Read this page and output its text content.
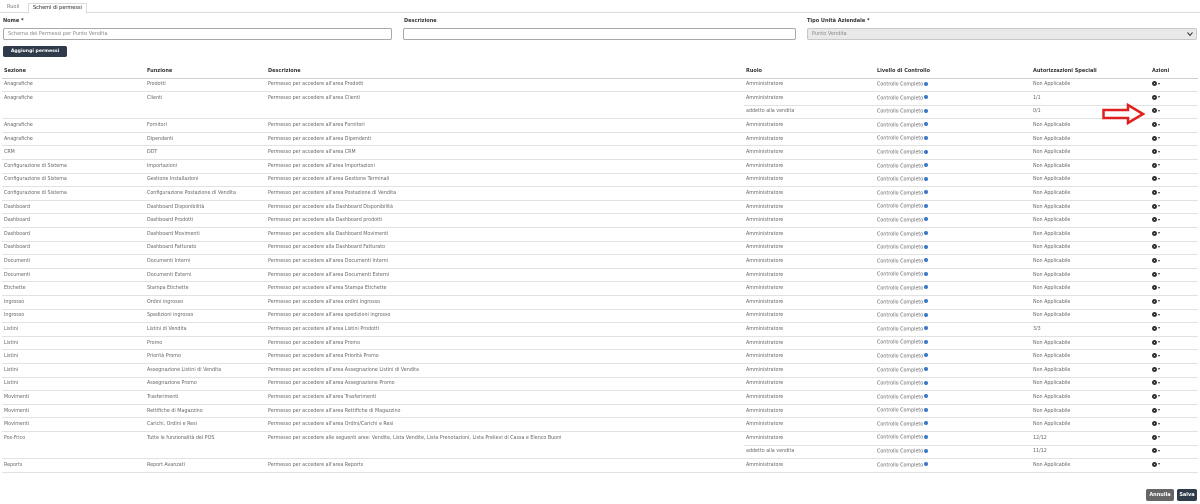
Ruoli	Schemi di permessi
Nome *
Schema dei Permessi per Punto Vendita	Descrizione	Tipo Unità Aziendale *
Punto Vendita
Aggiungi permessi standard
Sezione	Funzione	Descrizione	Ruolo	Livello di Controllo	Autorizzazioni Speciali	Azioni
Anagrafiche	Prodotti	Permesso per accedere all'area Prodotti	Amministratore	Controllo Completo	Non Applicabile	

Anagrafiche	Clienti	Permesso per accedere all'area Clienti	Amministratore	Controllo Completo	1/1	

			addetto alla vendita	Controllo Completo	0/1	

Anagrafiche	Fornitori	Permesso per accedere all'area Fornitori	Amministratore	Controllo Completo	Non Applicabile	

Anagrafiche	Dipendenti	Permesso per accedere all'area Dipendenti	Amministratore	Controllo Completo	Non Applicabile	

CRM	DDT	Permesso per accedere all'area CRM	Amministratore	Controllo Completo	Non Applicabile	

Configurazione di Sistema	Importazioni	Permesso per accedere all'area Importazioni	Amministratore	Controllo Completo	Non Applicabile	

Configurazione di Sistema	Gestione Installazioni	Permesso per accedere all'area Gestione Terminali	Amministratore	Controllo Completo	Non Applicabile	

Configurazione di Sistema	Configurazione Postazione di Vendita	Permesso per accedere all'area Postazione di Vendita	Amministratore	Controllo Completo	Non Applicabile	

Dashboard	Dashboard Disponibilità	Permesso per accedere alla Dashboard Disponibilità	Amministratore	Controllo Completo	Non Applicabile	

Dashboard	Dashboard Prodotti	Permesso per accedere alla Dashboard prodotti	Amministratore	Controllo Completo	Non Applicabile	

Dashboard	Dashboard Movimenti	Permesso per accedere alla Dashboard Movimenti	Amministratore	Controllo Completo	Non Applicabile	

Dashboard	Dashboard Fatturato	Permesso per accedere alla Dashboard Fatturato	Amministratore	Controllo Completo	Non Applicabile	

Documenti	Documenti Interni	Permesso per accedere all'area Documenti Interni	Amministratore	Controllo Completo	Non Applicabile	

Documenti	Documenti Esterni	Permesso per accedere all'area Documenti Esterni	Amministratore	Controllo Completo	Non Applicabile	

Etichette	Stampa Etichette	Permesso per accedere all'area Stampa Etichette	Amministratore	Controllo Completo	Non Applicabile	

Ingrosso	Ordini ingrosso	Permesso per accedere all'area ordini ingrosso	Amministratore	Controllo Completo	Non Applicabile	

Ingrosso	Spedizioni ingrosso	Permesso per accedere all'area spedizioni ingrosso	Amministratore	Controllo Completo	Non Applicabile	

Listini	Listini di Vendita	Permesso per accedere all'area Listini Prodotti	Amministratore	Controllo Completo	3/3	

Listini	Promo	Permesso per accedere all'area Promo	Amministratore	Controllo Completo	Non Applicabile	

Listini	Priorità Promo	Permesso per accedere all'area Priorità Promo	Amministratore	Controllo Completo	Non Applicabile	

Listini	Assegnazione Listini di Vendita	Permesso per accedere all'area Assegnazione Listini di Vendita	Amministratore	Controllo Completo	Non Applicabile	

Listini	Assegnazione Promo	Permesso per accedere all'area Assegnazione Promo	Amministratore	Controllo Completo	Non Applicabile	

Movimenti	Trasferimenti	Permesso per accedere all'area Trasferimenti	Amministratore	Controllo Completo	Non Applicabile	

Movimenti	Rettifiche di Magazzino	Permesso per accedere all'area Rettifiche di Magazzino	Amministratore	Controllo Completo	Non Applicabile	

Movimenti	Carichi, Ordini e Resi	Permesso per accedere all'area Ordini/Carichi e Resi	Amministratore	Controllo Completo	Non Applicabile	

Pos-Frico	Tutte le funzionalità del POS	Permesso per accedere alle seguenti aree: Vendite, Lista Vendite, Lista Prenotazioni, Lista Prelievi di Cassa e Elenco Buoni	Amministratore	Controllo Completo	12/12	

			addetto alla vendita	Controllo Completo	11/12	

Reports	Report Avanzati	Permesso per accedere all'area Reports	Amministratore	Controllo Completo	Non Applicabile	
Annulla	Salva
